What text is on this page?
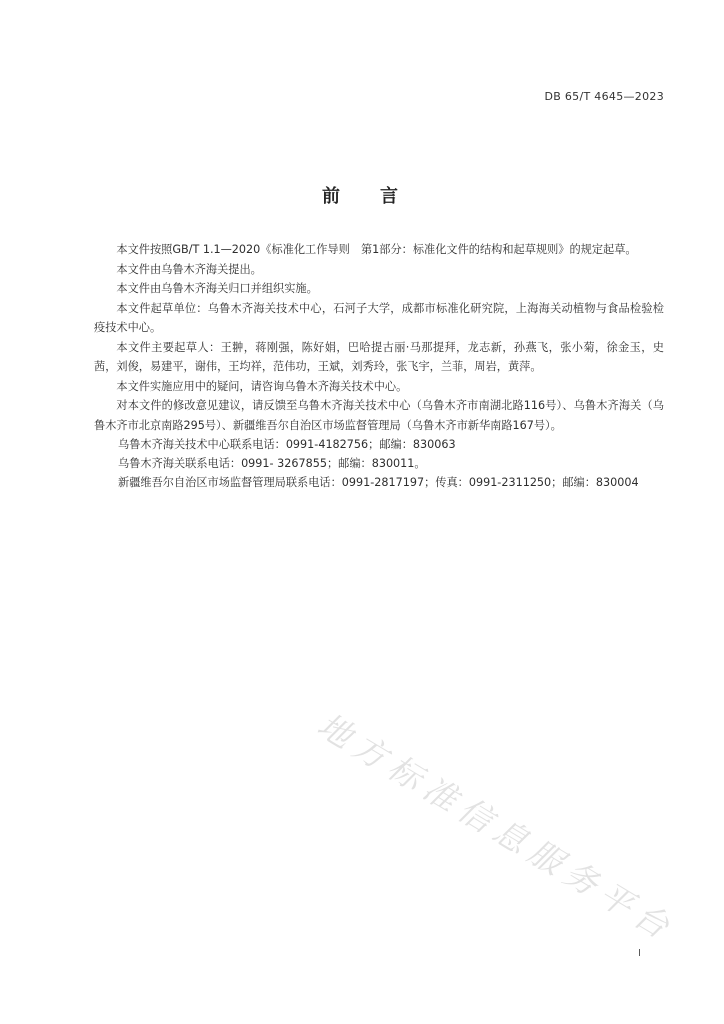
DB 65/T 4645—2023
前 言

本文件按照GB/T 1.1—2020《标准化工作导则　第1部分：标准化文件的结构和起草规则》的规定起草。

本文件由乌鲁木齐海关提出。

本文件由乌鲁木齐海关归口并组织实施。

本文件起草单位：乌鲁木齐海关技术中心，石河子大学，成都市标准化研究院，上海海关动植物与食品检验检疫技术中心。

本文件主要起草人：王翀，蒋刚强，陈好娟，巴哈提古丽·马那提拜，龙志新，孙燕飞，张小菊，徐金玉，史茜，刘俊，易建平，谢伟，王均祥，范伟功，王斌，刘秀玲，张飞宇，兰菲，周岩，黄萍。

本文件实施应用中的疑问，请咨询乌鲁木齐海关技术中心。

对本文件的修改意见建议，请反馈至乌鲁木齐海关技术中心（乌鲁木齐市南湖北路116号）、乌鲁木齐海关（乌鲁木齐市北京南路295号）、新疆维吾尔自治区市场监督管理局（乌鲁木齐市新华南路167号）。

乌鲁木齐海关技术中心联系电话：0991-4182756；邮编：830063

乌鲁木齐海关联系电话：0991- 3267855；邮编：830011。

新疆维吾尔自治区市场监督管理局联系电话：0991-2817197；传真：0991-2311250；邮编：830004

地方标准信息服务平台
I
